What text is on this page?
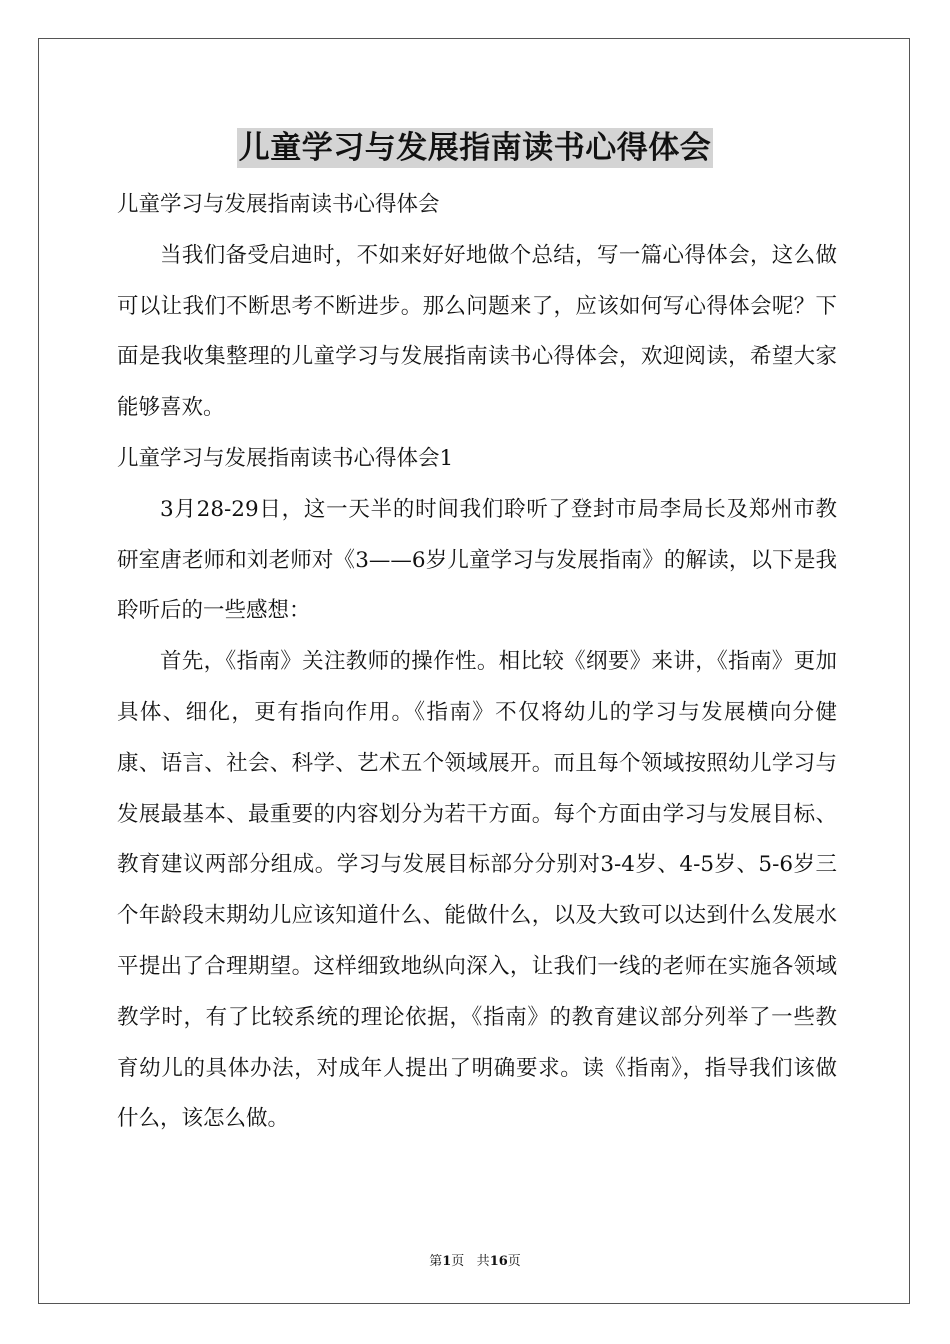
儿童学习与发展指南读书心得体会

儿童学习与发展指南读书心得体会

当我们备受启迪时，不如来好好地做个总结，写一篇心得体会，这么做可以让我们不断思考不断进步。那么问题来了，应该如何写心得体会呢？下面是我收集整理的儿童学习与发展指南读书心得体会，欢迎阅读，希望大家能够喜欢。

儿童学习与发展指南读书心得体会1

3月28-29日，这一天半的时间我们聆听了登封市局李局长及郑州市教研室唐老师和刘老师对《3——6岁儿童学习与发展指南》的解读，以下是我聆听后的一些感想：

首先，《指南》关注教师的操作性。相比较《纲要》来讲，《指南》更加具体、细化，更有指向作用。《指南》不仅将幼儿的学习与发展横向分健康、语言、社会、科学、艺术五个领域展开。而且每个领域按照幼儿学习与发展最基本、最重要的内容划分为若干方面。每个方面由学习与发展目标、教育建议两部分组成。学习与发展目标部分分别对3-4岁、4-5岁、5-6岁三个年龄段末期幼儿应该知道什么、能做什么，以及大致可以达到什么发展水平提出了合理期望。这样细致地纵向深入，让我们一线的老师在实施各领域教学时，有了比较系统的理论依据，《指南》的教育建议部分列举了一些教育幼儿的具体办法，对成年人提出了明确要求。读《指南》，指导我们该做什么，该怎么做。

第1页 共16页
